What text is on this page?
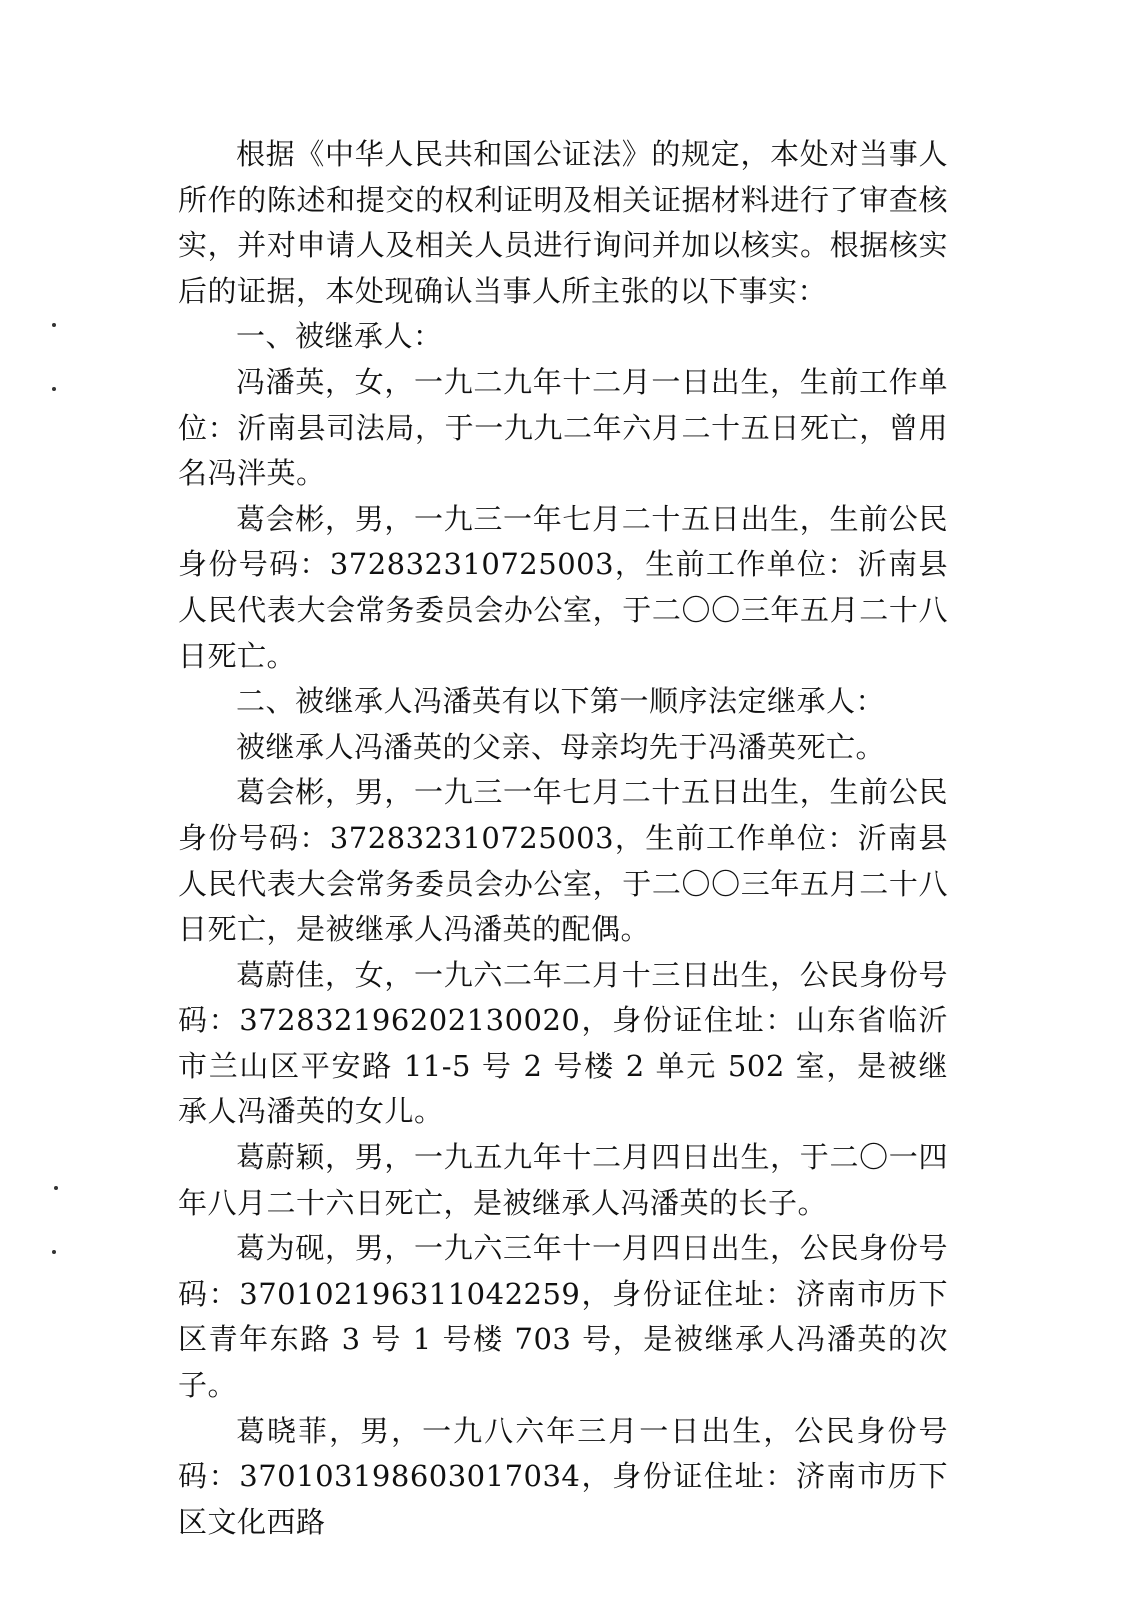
根据《中华人民共和国公证法》的规定，本处对当事人所作的陈述和提交的权利证明及相关证据材料进行了审查核实，并对申请人及相关人员进行询问并加以核实。根据核实后的证据，本处现确认当事人所主张的以下事实：

一、被继承人：

冯潘英，女，一九二九年十二月一日出生，生前工作单位：沂南县司法局，于一九九二年六月二十五日死亡，曾用名冯泮英。

葛会彬，男，一九三一年七月二十五日出生，生前公民身份号码：372832310725003，生前工作单位：沂南县人民代表大会常务委员会办公室，于二〇〇三年五月二十八日死亡。

二、被继承人冯潘英有以下第一顺序法定继承人：

被继承人冯潘英的父亲、母亲均先于冯潘英死亡。

葛会彬，男，一九三一年七月二十五日出生，生前公民身份号码：372832310725003，生前工作单位：沂南县人民代表大会常务委员会办公室，于二〇〇三年五月二十八日死亡，是被继承人冯潘英的配偶。

葛蔚佳，女，一九六二年二月十三日出生，公民身份号码：372832196202130020，身份证住址：山东省临沂市兰山区平安路 11-5 号 2 号楼 2 单元 502 室，是被继承人冯潘英的女儿。

葛蔚颖，男，一九五九年十二月四日出生，于二〇一四年八月二十六日死亡，是被继承人冯潘英的长子。

葛为砚，男，一九六三年十一月四日出生，公民身份号码：370102196311042259，身份证住址：济南市历下区青年东路 3 号 1 号楼 703 号，是被继承人冯潘英的次子。

葛晓菲，男，一九八六年三月一日出生，公民身份号码：370103198603017034，身份证住址：济南市历下区文化西路
